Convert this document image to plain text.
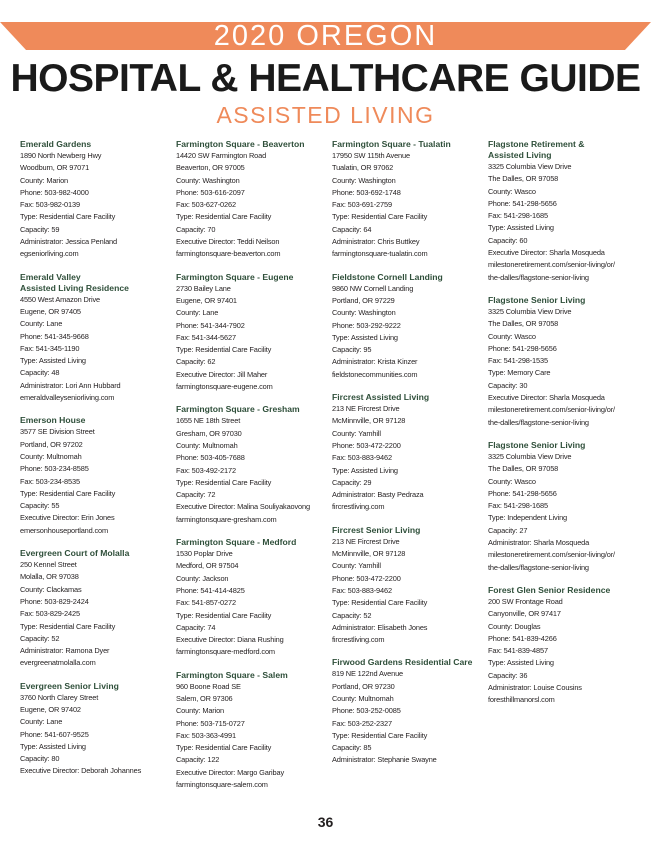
2020 OREGON
HOSPITAL & HEALTHCARE GUIDE
ASSISTED LIVING
Emerald Gardens
1890 North Newberg Hwy
Woodburn, OR 97071
County: Marion
Phone: 503-982-4000
Fax: 503-982-0139
Type: Residential Care Facility
Capacity: 59
Administrator: Jessica Penland
egseniorliving.com
Emerald Valley
Assisted Living Residence
4550 West Amazon Drive
Eugene, OR 97405
County: Lane
Phone: 541-345-9668
Fax: 541-345-1190
Type: Assisted Living
Capacity: 48
Administrator: Lori Ann Hubbard
emeraldvalleyseniorliving.com
Emerson House
3577 SE Division Street
Portland, OR 97202
County: Multnomah
Phone: 503-234-8585
Fax: 503-234-8535
Type: Residential Care Facility
Capacity: 55
Executive Director: Erin Jones
emersonhouseportland.com
Evergreen Court of Molalla
250 Kennel Street
Molalla, OR 97038
County: Clackamas
Phone: 503-829-2424
Fax: 503-829-2425
Type: Residential Care Facility
Capacity: 52
Administrator: Ramona Dyer
evergreenatmolalla.com
Evergreen Senior Living
3760 North Clarey Street
Eugene, OR 97402
County: Lane
Phone: 541-607-9525
Type: Assisted Living
Capacity: 80
Executive Director: Deborah Johannes
Farmington Square - Beaverton
14420 SW Farmington Road
Beaverton, OR 97005
County: Washington
Phone: 503-616-2097
Fax: 503-627-0262
Type: Residential Care Facility
Capacity: 70
Executive Director: Teddi Neilson
farmingtonsquare-beaverton.com
Farmington Square - Eugene
2730 Bailey Lane
Eugene, OR 97401
County: Lane
Phone: 541-344-7902
Fax: 541-344-5627
Type: Residential Care Facility
Capacity: 62
Executive Director: Jill Maher
farmingtonsquare-eugene.com
Farmington Square - Gresham
1655 NE 18th Street
Gresham, OR 97030
County: Multnomah
Phone: 503-405-7688
Fax: 503-492-2172
Type: Residential Care Facility
Capacity: 72
Executive Director: Malina Souliyakaovong
farmingtonsquare-gresham.com
Farmington Square - Medford
1530 Poplar Drive
Medford, OR 97504
County: Jackson
Phone: 541-414-4825
Fax: 541-857-0272
Type: Residential Care Facility
Capacity: 74
Executive Director: Diana Rushing
farmingtonsquare-medford.com
Farmington Square - Salem
960 Boone Road SE
Salem, OR 97306
County: Marion
Phone: 503-715-0727
Fax: 503-363-4991
Type: Residential Care Facility
Capacity: 122
Executive Director: Margo Garibay
farmingtonsquare-salem.com
Farmington Square - Tualatin
17950 SW 115th Avenue
Tualatin, OR 97062
County: Washington
Phone: 503-692-1748
Fax: 503-691-2759
Type: Residential Care Facility
Capacity: 64
Administrator: Chris Buttkey
farmingtonsquare-tualatin.com
Fieldstone Cornell Landing
9860 NW Cornell Landing
Portland, OR 97229
County: Washington
Phone: 503-292-9222
Type: Assisted Living
Capacity: 95
Administrator: Krista Kinzer
fieldstonecommunities.com
Fircrest Assisted Living
213 NE Fircrest Drive
McMinnville, OR 97128
County: Yamhill
Phone: 503-472-2200
Fax: 503-883-9462
Type: Assisted Living
Capacity: 29
Administrator: Basty Pedraza
fircrestliving.com
Fircrest Senior Living
213 NE Fircrest Drive
McMinnville, OR 97128
County: Yamhill
Phone: 503-472-2200
Fax: 503-883-9462
Type: Residential Care Facility
Capacity: 52
Administrator: Elisabeth Jones
fircrestliving.com
Firwood Gardens Residential Care
819 NE 122nd Avenue
Portland, OR 97230
County: Multnomah
Phone: 503-252-0085
Fax: 503-252-2327
Type: Residential Care Facility
Capacity: 85
Administrator: Stephanie Swayne
Flagstone Retirement &
Assisted Living
3325 Columbia View Drive
The Dalles, OR 97058
County: Wasco
Phone: 541-298-5656
Fax: 541-298-1685
Type: Assisted Living
Capacity: 60
Executive Director: Sharla Mosqueda
milestoneretirement.com/senior-living/or/
the-dalles/flagstone-senior-living
Flagstone Senior Living
3325 Columbia View Drive
The Dalles, OR 97058
County: Wasco
Phone: 541-298-5656
Fax: 541-298-1535
Type: Memory Care
Capacity: 30
Executive Director: Sharla Mosqueda
milestoneretirement.com/senior-living/or/
the-dalles/flagstone-senior-living
Flagstone Senior Living
3325 Columbia View Drive
The Dalles, OR 97058
County: Wasco
Phone: 541-298-5656
Fax: 541-298-1685
Type: Independent Living
Capacity: 27
Administrator: Sharla Mosqueda
milestoneretirement.com/senior-living/or/
the-dalles/flagstone-senior-living
Forest Glen Senior Residence
200 SW Frontage Road
Canyonville, OR 97417
County: Douglas
Phone: 541-839-4266
Fax: 541-839-4857
Type: Assisted Living
Capacity: 36
Administrator: Louise Cousins
foresthillmanorsl.com
36
